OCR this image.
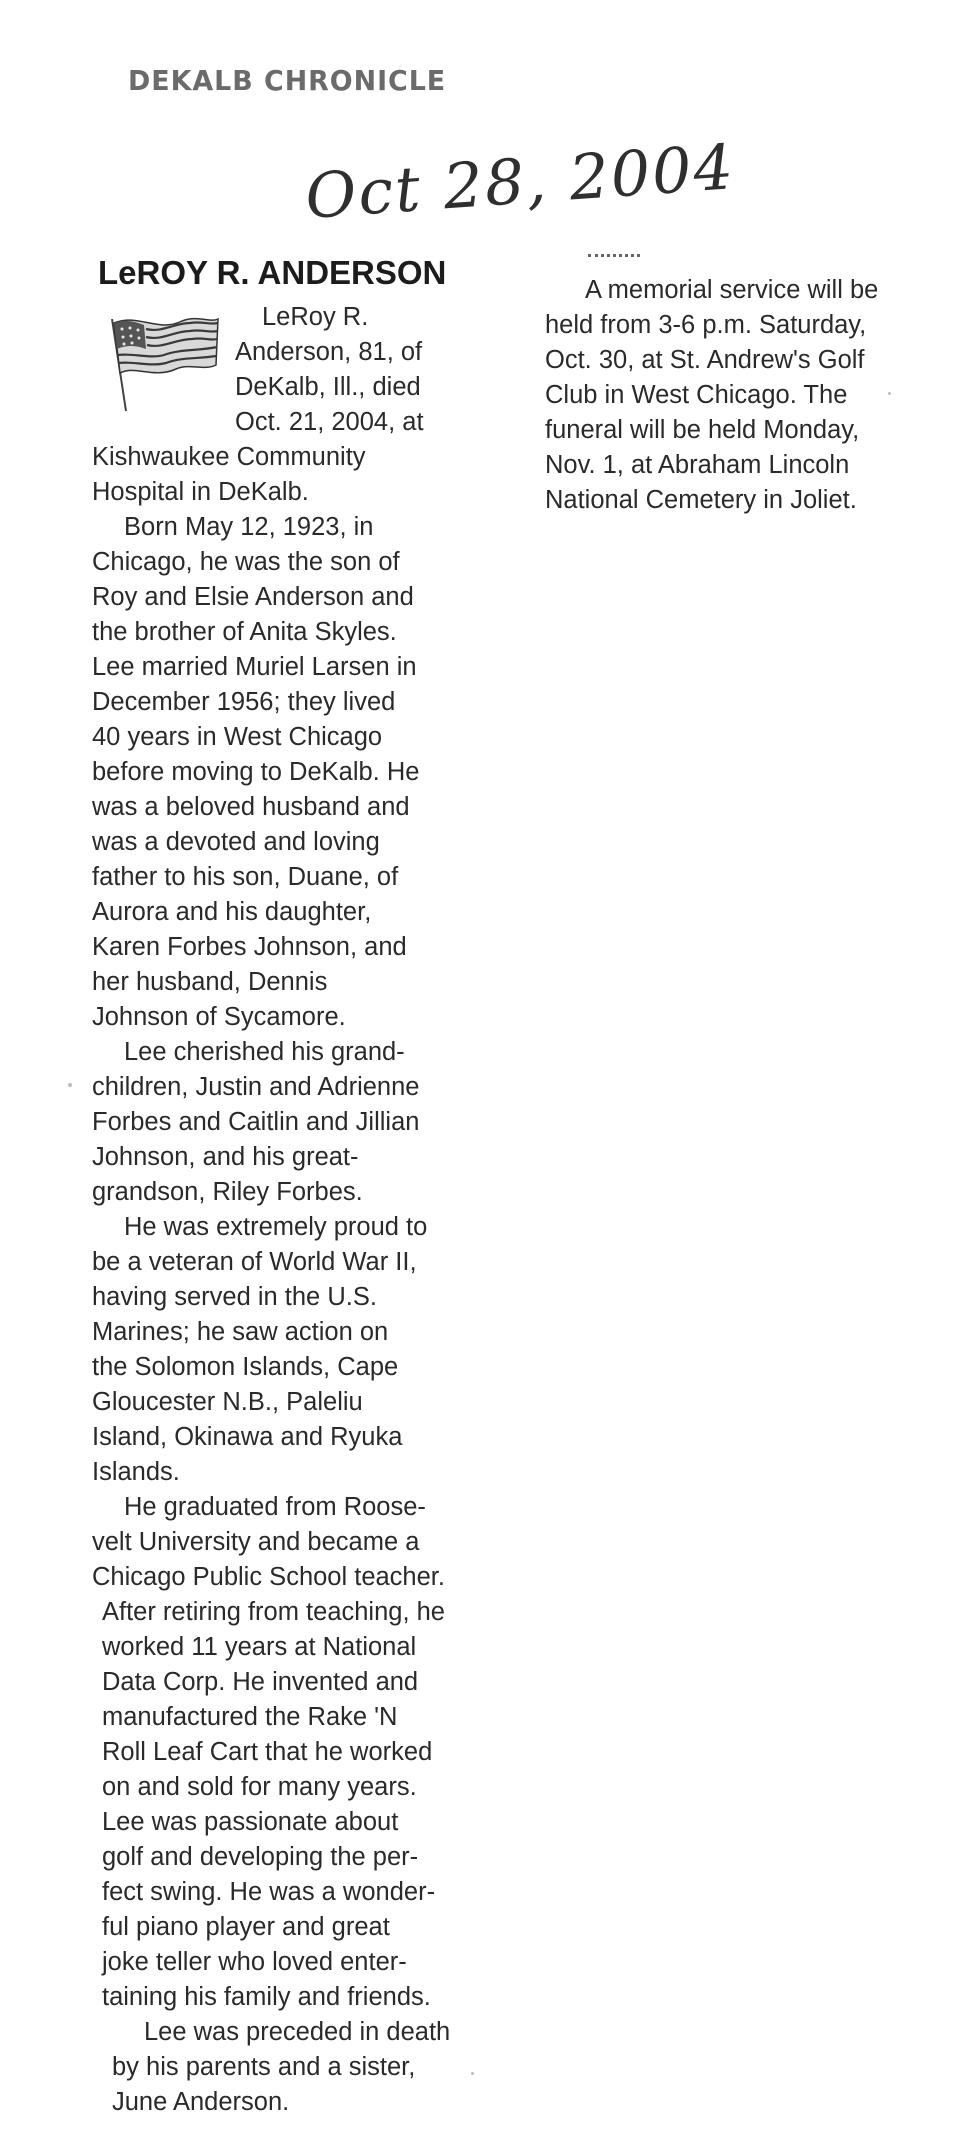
DEKALB CHRONICLE
Oct 28, 2004
LeROY R. ANDERSON
LeRoy R.
Anderson, 81, of
DeKalb, Ill., died
Oct. 21, 2004, at
Kishwaukee Community
Hospital in DeKalb.
Born May 12, 1923, in
Chicago, he was the son of
Roy and Elsie Anderson and
the brother of Anita Skyles.
Lee married Muriel Larsen in
December 1956; they lived
40 years in West Chicago
before moving to DeKalb. He
was a beloved husband and
was a devoted and loving
father to his son, Duane, of
Aurora and his daughter,
Karen Forbes Johnson, and
her husband, Dennis
Johnson of Sycamore.
Lee cherished his grand-
children, Justin and Adrienne
Forbes and Caitlin and Jillian
Johnson, and his great-
grandson, Riley Forbes.
He was extremely proud to
be a veteran of World War II,
having served in the U.S.
Marines; he saw action on
the Solomon Islands, Cape
Gloucester N.B., Paleliu
Island, Okinawa and Ryuka
Islands.
He graduated from Roose-
velt University and became a
Chicago Public School teacher.
After retiring from teaching, he
worked 11 years at National
Data Corp. He invented and
manufactured the Rake 'N
Roll Leaf Cart that he worked
on and sold for many years.
Lee was passionate about
golf and developing the per-
fect swing. He was a wonder-
ful piano player and great
joke teller who loved enter-
taining his family and friends.
Lee was preceded in death
by his parents and a sister,
June Anderson.
A memorial service will be
held from 3-6 p.m. Saturday,
Oct. 30, at St. Andrew's Golf
Club in West Chicago. The
funeral will be held Monday,
Nov. 1, at Abraham Lincoln
National Cemetery in Joliet.
